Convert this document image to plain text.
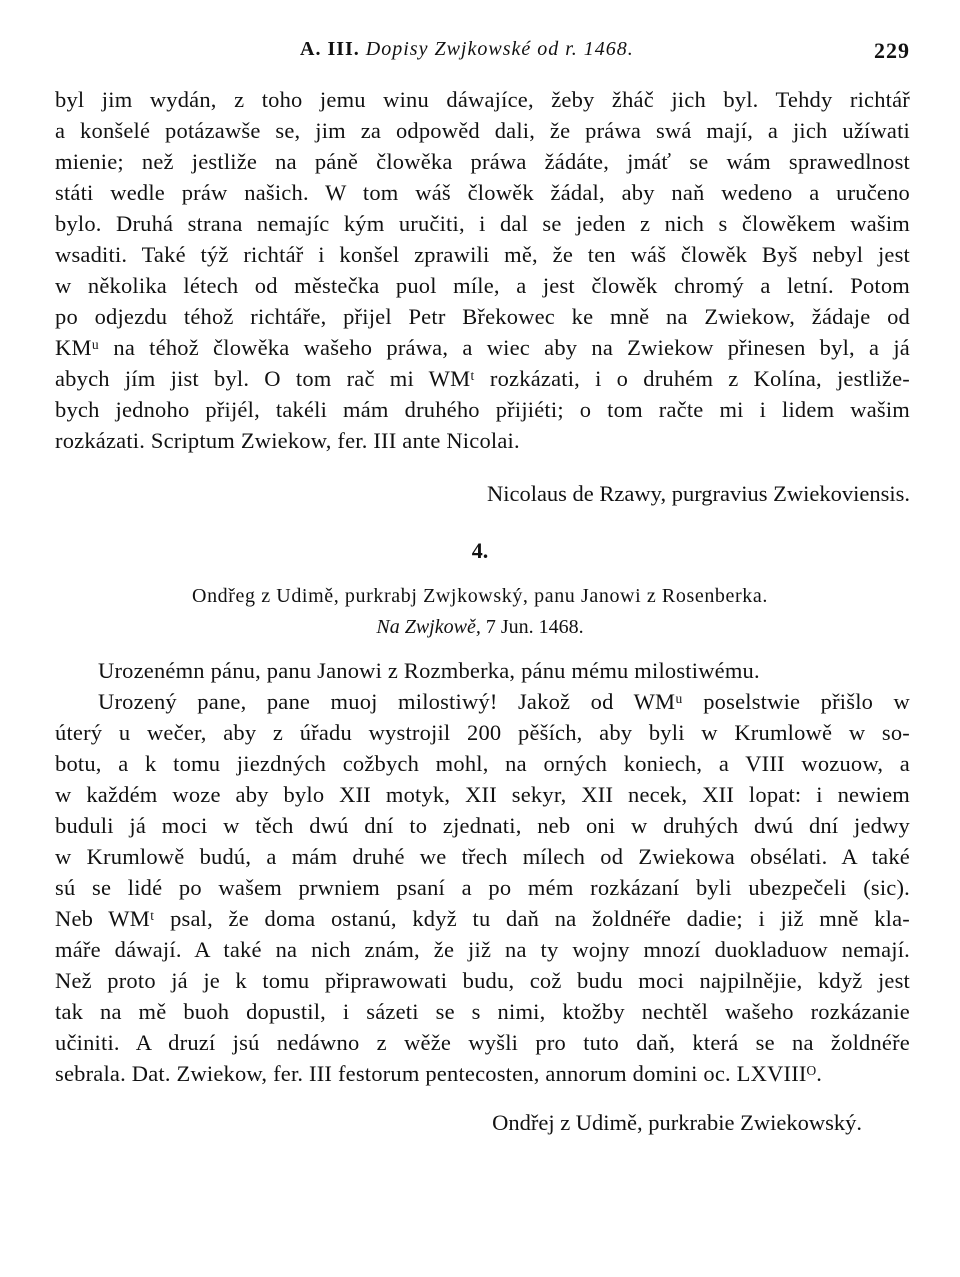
A. III. Dopisy Zwjkowské od r. 1468.	229
byl jim wydán, z toho jemu winu dáwajíce, žeby žháč jich byl. Tehdy richtář
a konšelé potázawše se, jim za odpowěd dali, že práwa swá mají, a jich užíwati
mienie; než jestliže na páně člowěka práwa žádáte, jmáť se wám sprawedlnost
státi wedle práw našich. W tom wáš člowěk žádal, aby naň wedeno a uručeno
bylo. Druhá strana nemajíc kým uručiti, i dal se jeden z nich s člowěkem wašim
wsaditi. Také týž richtář i konšel zprawili mě, že ten wáš člowěk Byš nebyl jest
w několika létech od městečka puol míle, a jest člowěk chromý a letní. Potom
po odjezdu téhož richtáře, přijel Petr Břekowec ke mně na Zwiekow, žádaje od
KMᵘ na téhož člowěka wašeho práwa, a wiec aby na Zwiekow přinesen byl, a já
abych jím jist byl. O tom rač mi WMᵗ rozkázati, i o druhém z Kolína, jestliže-
bych jednoho přijél, takéli mám druhého přijiéti; o tom račte mi i lidem wašim
rozkázati. Scriptum Zwiekow, fer. III ante Nicolai.
Nicolaus de Rzawy, purgravius Zwiekoviensis.
4.
Ondřeg z Udimě, purkrabj Zwjkowský, panu Janowi z Rosenberka.
Na Zwjkowě, 7 Jun. 1468.
Urozenémn pánu, panu Janowi z Rozmberka, pánu mému milostiwému.
Urozený pane, pane muoj milostiwý! Jakož od WMᵘ poselstwie přišlo w
úterý u wečer, aby z úřadu wystrojil 200 pěších, aby byli w Krumlowě w so-
botu, a k tomu jiezdných cožbych mohl, na orných koniech, a VIII wozuow, a
w každém woze aby bylo XII motyk, XII sekyr, XII necek, XII lopat: i newiem
buduli já moci w těch dwú dní to zjednati, neb oni w druhých dwú dní jedwy
w Krumlowě budú, a mám druhé we třech mílech od Zwiekowa obsélati. A také
sú se lidé po wašem prwniem psaní a po mém rozkázaní byli ubezpečeli (sic).
Neb WMᵗ psal, že doma ostanú, když tu daň na žoldnéře dadie; i již mně kla-
máře dáwají. A také na nich znám, že již na ty wojny mnozí duokladuow nemají.
Než proto já je k tomu připrawowati budu, což budu moci najpilnějie, když jest
tak na mě buoh dopustil, i sázeti se s nimi, ktožby nechtěl wašeho rozkázanie
učiniti. A druzí jsú nedáwno z wěže wyšli pro tuto daň, která se na žoldnéře
sebrala. Dat. Zwiekow, fer. III festorum pentecosten, annorum domini oc. LXVIIIᴼ.
Ondřej z Udimě, purkrabie Zwiekowský.
